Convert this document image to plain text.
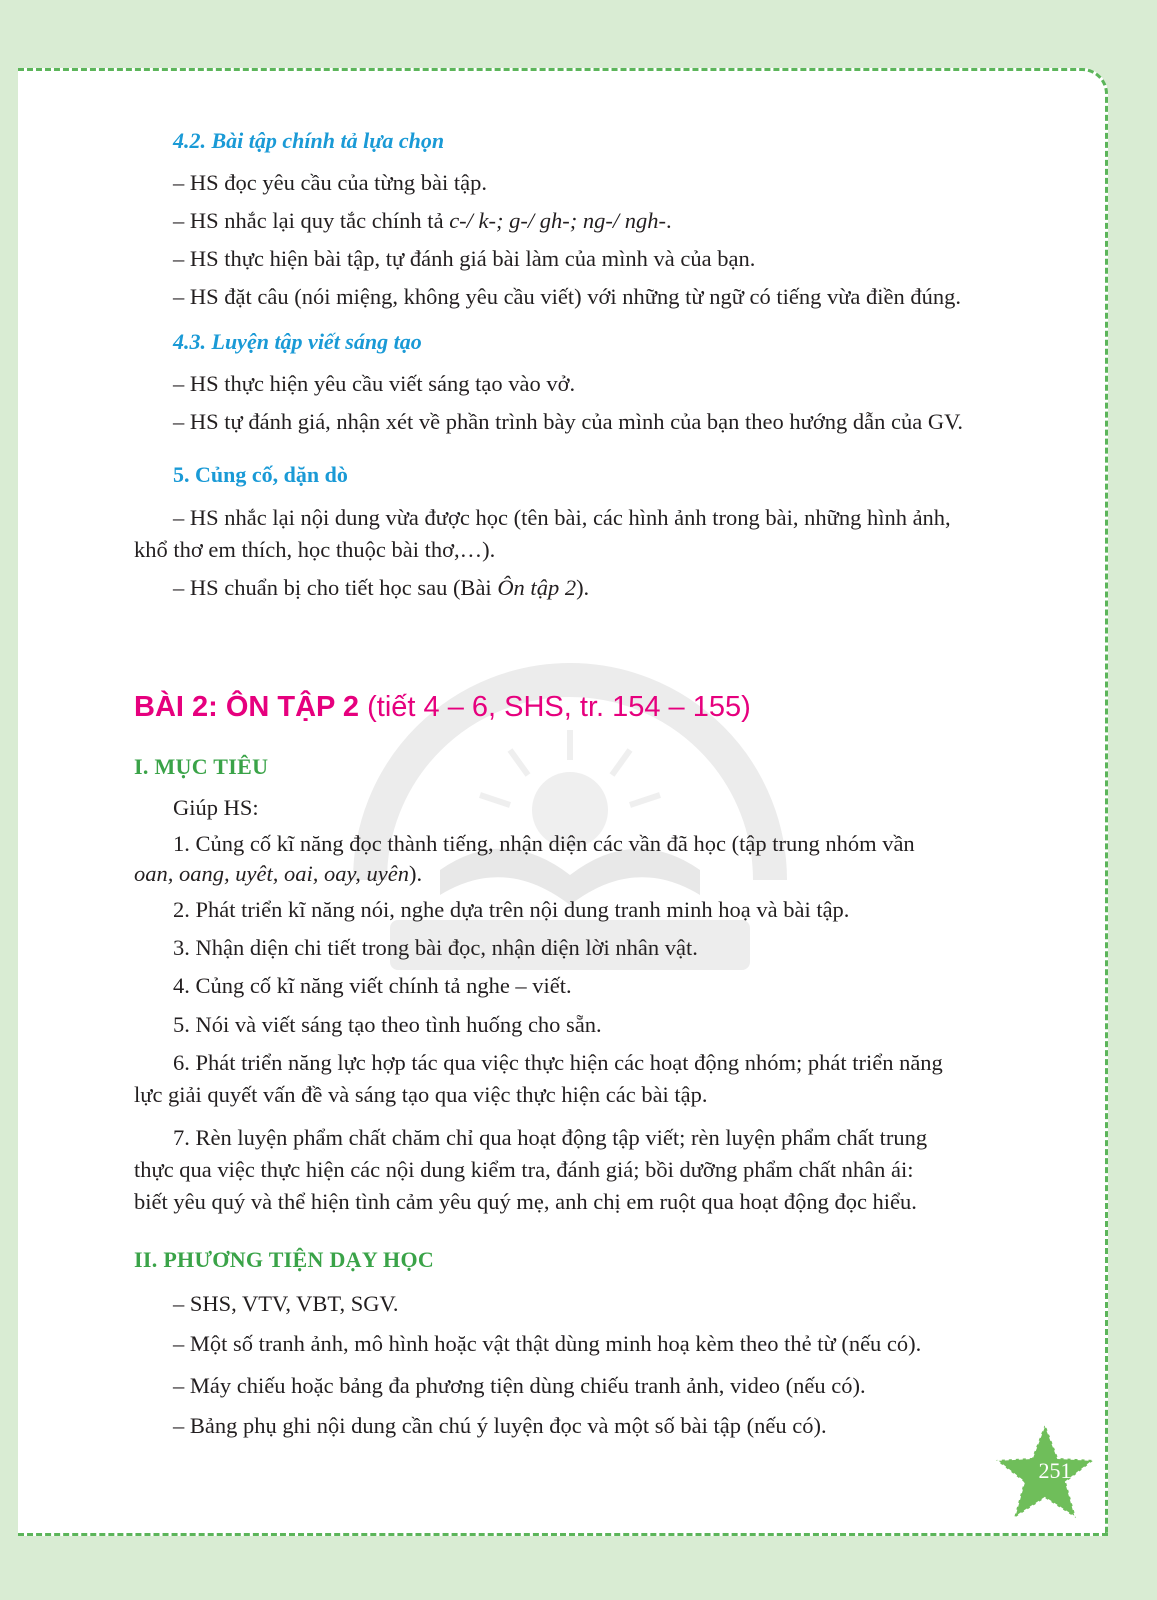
4.2. Bài tập chính tả lựa chọn
– HS đọc yêu cầu của từng bài tập.
– HS nhắc lại quy tắc chính tả c-/ k-; g-/ gh-; ng-/ ngh-.
– HS thực hiện bài tập, tự đánh giá bài làm của mình và của bạn.
– HS đặt câu (nói miệng, không yêu cầu viết) với những từ ngữ có tiếng vừa điền đúng.
4.3. Luyện tập viết sáng tạo
– HS thực hiện yêu cầu viết sáng tạo vào vở.
– HS tự đánh giá, nhận xét về phần trình bày của mình của bạn theo hướng dẫn của GV.
5. Củng cố, dặn dò
– HS nhắc lại nội dung vừa được học (tên bài, các hình ảnh trong bài, những hình ảnh,
khổ thơ em thích, học thuộc bài thơ,…).
– HS chuẩn bị cho tiết học sau (Bài Ôn tập 2).
BÀI 2: ÔN TẬP 2 (tiết 4 – 6, SHS, tr. 154 – 155)
I. MỤC TIÊU
Giúp HS:
1. Củng cố kĩ năng đọc thành tiếng, nhận diện các vần đã học (tập trung nhóm vần
oan, oang, uyêt, oai, oay, uyên).
2. Phát triển kĩ năng nói, nghe dựa trên nội dung tranh minh hoạ và bài tập.
3. Nhận diện chi tiết trong bài đọc, nhận diện lời nhân vật.
4. Củng cố kĩ năng viết chính tả nghe – viết.
5. Nói và viết sáng tạo theo tình huống cho sẵn.
6. Phát triển năng lực hợp tác qua việc thực hiện các hoạt động nhóm; phát triển năng
lực giải quyết vấn đề và sáng tạo qua việc thực hiện các bài tập.
7. Rèn luyện phẩm chất chăm chỉ qua hoạt động tập viết; rèn luyện phẩm chất trung
thực qua việc thực hiện các nội dung kiểm tra, đánh giá; bồi dưỡng phẩm chất nhân ái:
biết yêu quý và thể hiện tình cảm yêu quý mẹ, anh chị em ruột qua hoạt động đọc hiểu.
II. PHƯƠNG TIỆN DẠY HỌC
– SHS, VTV, VBT, SGV.
– Một số tranh ảnh, mô hình hoặc vật thật dùng minh hoạ kèm theo thẻ từ (nếu có).
– Máy chiếu hoặc bảng đa phương tiện dùng chiếu tranh ảnh, video (nếu có).
– Bảng phụ ghi nội dung cần chú ý luyện đọc và một số bài tập (nếu có).
251
